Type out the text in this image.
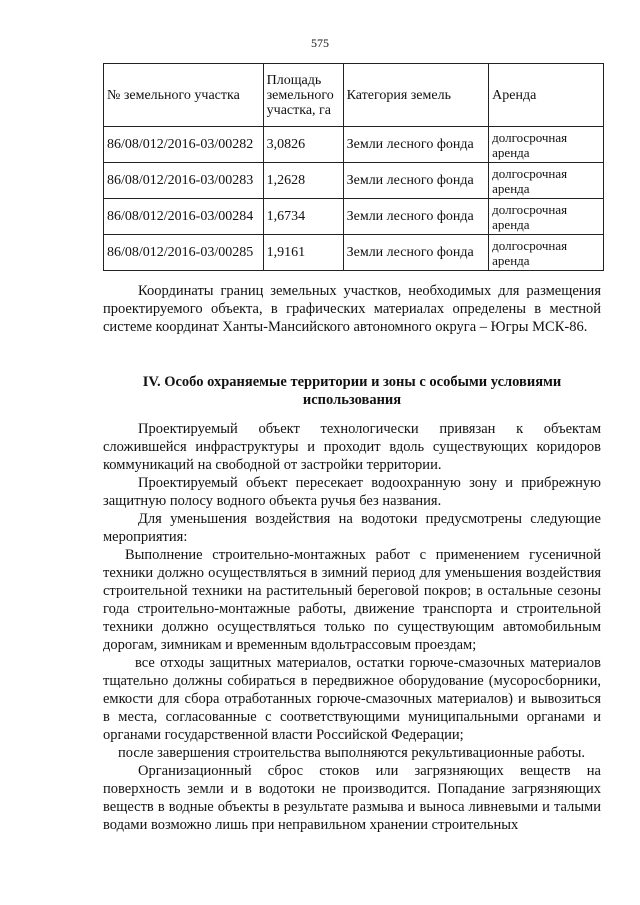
575
№ земельного участка	Площадь земельного участка, га	Категория земель	Аренда
86/08/012/2016-03/00282	3,0826	Земли лесного фонда	долгосрочная аренда
86/08/012/2016-03/00283	1,2628	Земли лесного фонда	долгосрочная аренда
86/08/012/2016-03/00284	1,6734	Земли лесного фонда	долгосрочная аренда
86/08/012/2016-03/00285	1,9161	Земли лесного фонда	долгосрочная аренда

Координаты границ земельных участков, необходимых для размещения проектируемого объекта, в графических материалах определены в местной системе координат Ханты-Мансийского автономного округа – Югры МСК-86.

IV. Особо охраняемые территории и зоны с особыми условиями использования

Проектируемый объект технологически привязан к объектам сложившейся инфраструктуры и проходит вдоль существующих коридоров коммуникаций на свободной от застройки территории.

Проектируемый объект пересекает водоохранную зону и прибрежную защитную полосу водного объекта ручья без названия.

Для уменьшения воздействия на водотоки предусмотрены следующие мероприятия:

Выполнение строительно-монтажных работ с применением гусеничной техники должно осуществляться в зимний период для уменьшения воздействия строительной техники на растительный береговой покров; в остальные сезоны года строительно-монтажные работы, движение транспорта и строительной техники должно осуществляться только по существующим автомобильным дорогам, зимникам и временным вдольтрассовым проездам;

все отходы защитных материалов, остатки горюче-смазочных материалов тщательно должны собираться в передвижное оборудование (мусоросборники, емкости для сбора отработанных горюче-смазочных материалов) и вывозиться в места, согласованные с соответствующими муниципальными органами и органами государственной власти Российской Федерации;

после завершения строительства выполняются рекультивационные работы.

Организационный сброс стоков или загрязняющих веществ на поверхность земли и в водотоки не производится. Попадание загрязняющих веществ в водные объекты в результате размыва и выноса ливневыми и талыми водами возможно лишь при неправильном хранении строительных
